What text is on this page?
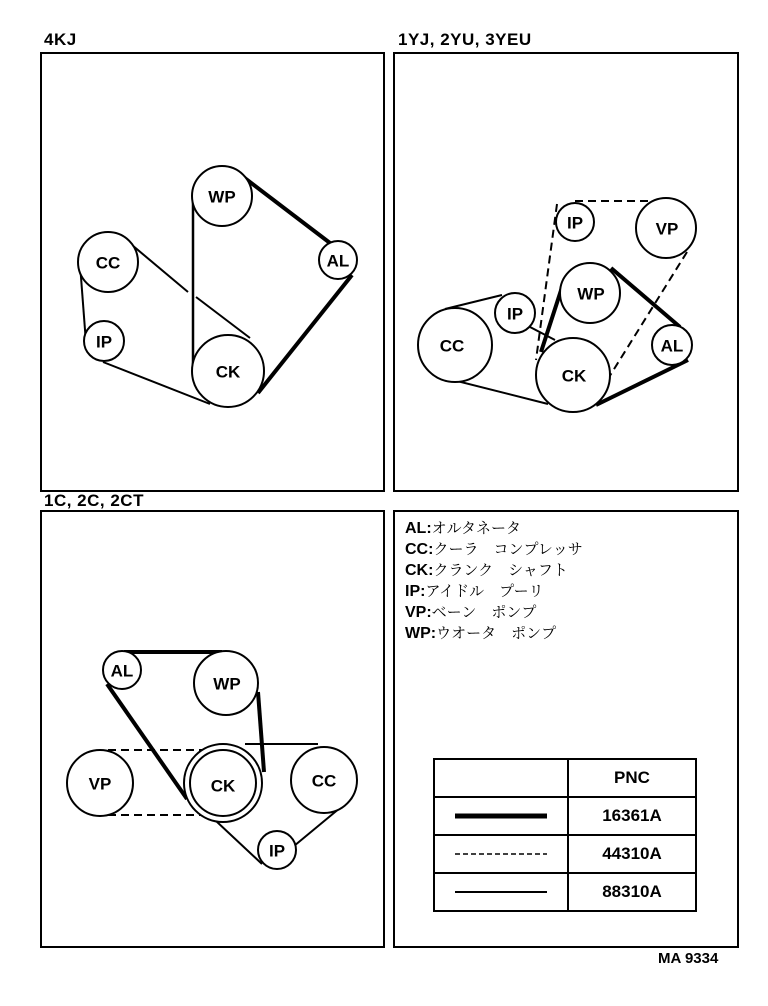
4KJ	1YJ, 2YU, 3YEU
1C, 2C, 2CT
WP
CC
IP
CK
AL
IP	VP
WP
IP
CC
CK
AL
AL
WP
VP	CK	CC
IP
AL:オルタネータ
CC:クーラ　コンプレッサ
CK:クランク　シャフト
IP:アイドル　プーリ
VP:ベーン　ポンプ
WP:ウオータ　ポンプ
	PNC

	16361A

	44310A

	88310A
MA 9334
